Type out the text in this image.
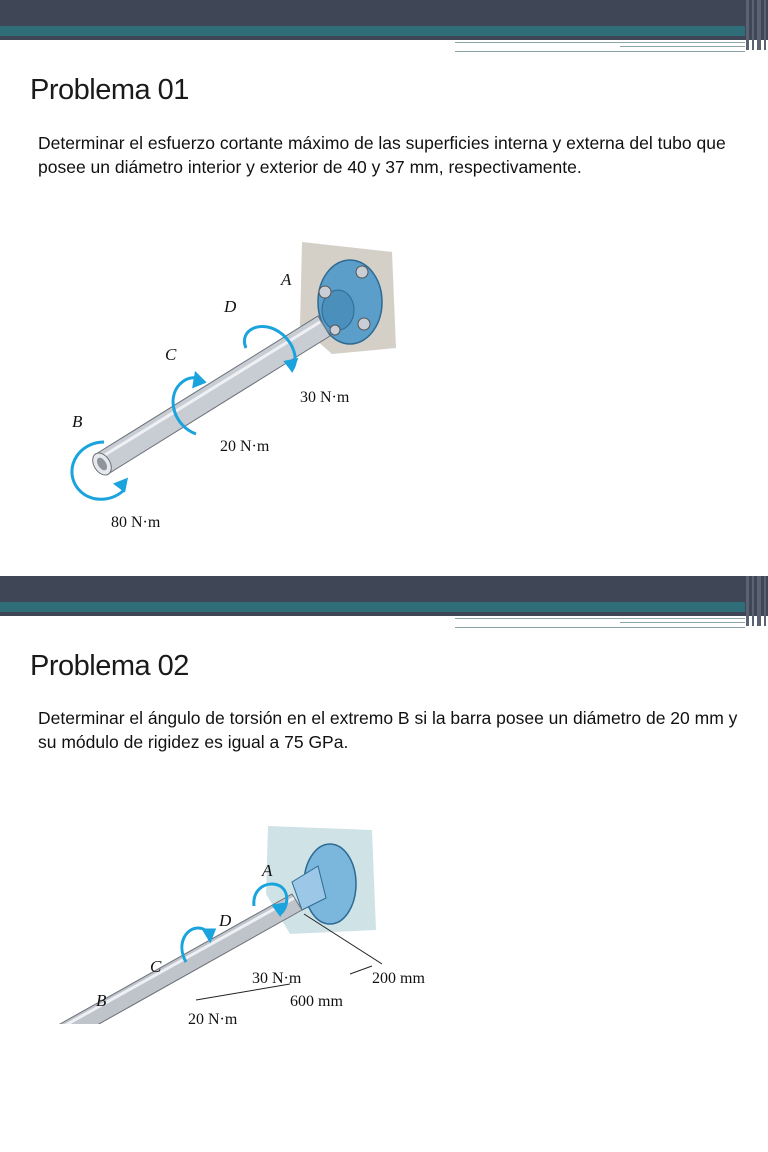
Problema 01
Determinar el esfuerzo cortante máximo de las superficies interna y externa del tubo que posee un diámetro interior y exterior de 40 y 37 mm, respectivamente.
A
D
C
B
30 N·m
20 N·m
80 N·m
Problema 02
Determinar el ángulo de torsión en el extremo B si la barra posee un diámetro de 20 mm y su módulo de rigidez es igual a 75 GPa.
A
D
C
B
30 N·m
20 N·m
200 mm
600 mm
